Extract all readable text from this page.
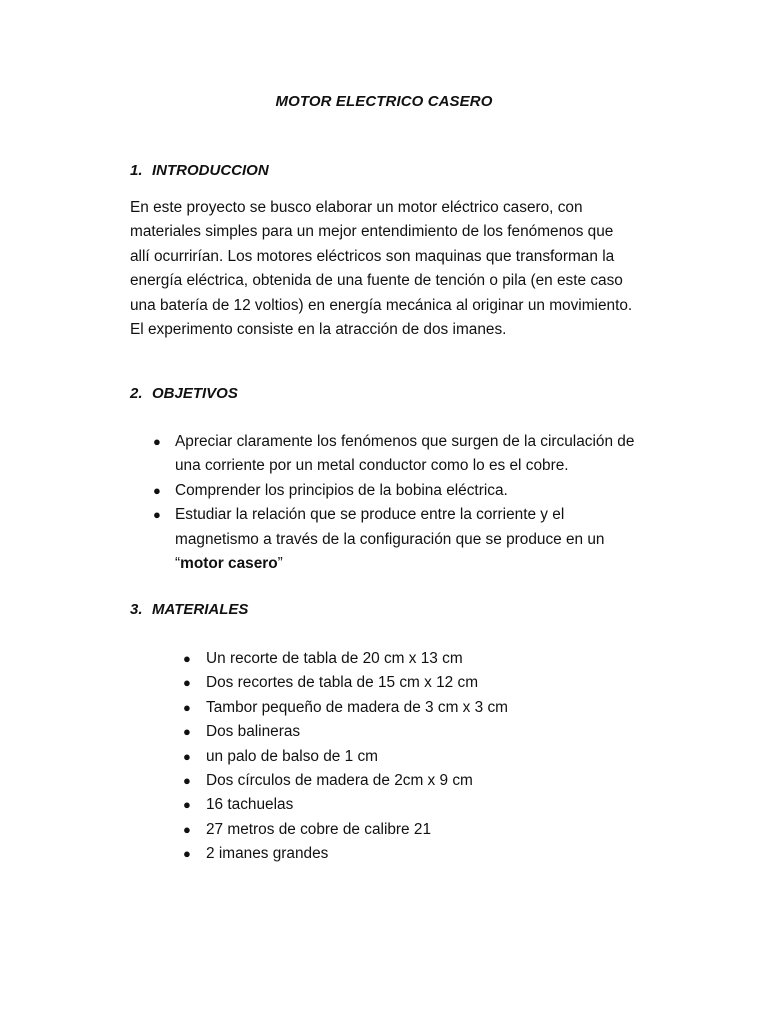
MOTOR ELECTRICO CASERO
1. INTRODUCCION
En este proyecto se busco elaborar un motor eléctrico casero, con
materiales simples para un mejor entendimiento de los fenómenos que
allí ocurrirían. Los motores eléctricos son maquinas que transforman la
energía eléctrica, obtenida de una fuente de tención o pila (en este caso
una batería de 12 voltios) en energía mecánica al originar un movimiento.
El experimento consiste en la atracción de dos imanes.
2. OBJETIVOS
● Apreciar claramente los fenómenos que surgen de la circulación de
una corriente por un metal conductor como lo es el cobre.
● Comprender los principios de la bobina eléctrica.
● Estudiar la relación que se produce entre la corriente y el
magnetismo a través de la configuración que se produce en un
“motor casero”
3. MATERIALES
● Un recorte de tabla de 20 cm x 13 cm
● Dos recortes de tabla de 15 cm x 12 cm
● Tambor pequeño de madera de 3 cm x 3 cm
● Dos balineras
● un palo de balso de 1 cm
● Dos círculos de madera de 2cm x 9 cm
● 16 tachuelas
● 27 metros de cobre de calibre 21
● 2 imanes grandes
